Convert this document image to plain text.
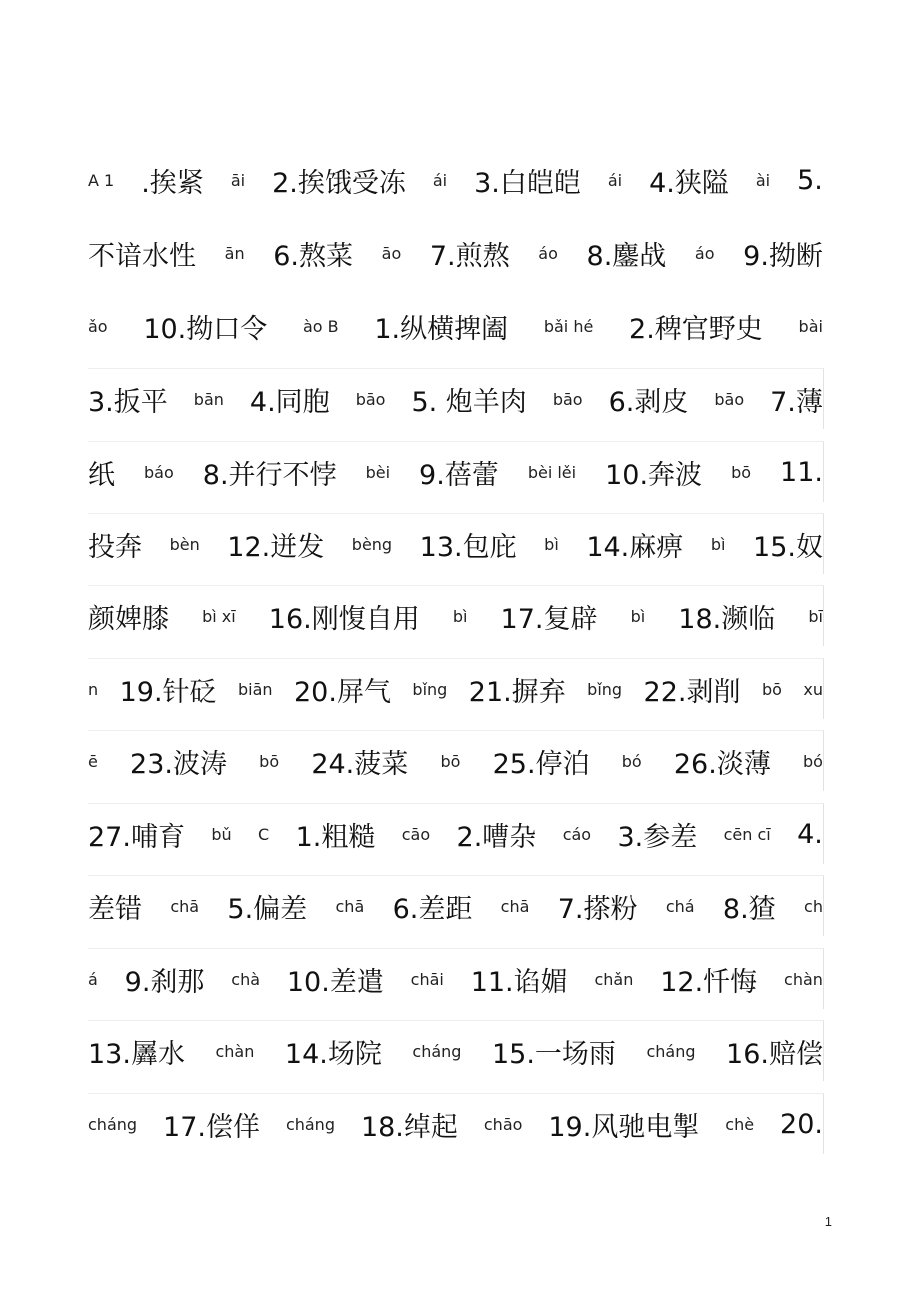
A 1 .挨紧 āi 2.挨饿受冻 ái 3.白皑皑 ái 4.狭隘 ài 5.
不谙水性 ān 6.熬菜 āo 7.煎熬 áo 8.鏖战 áo 9.拗断
ǎo 10.拗口令 ào B 1.纵横捭阖 bǎi hé 2.稗官野史 bài
3.扳平 bān 4.同胞 bāo 5. 炮羊肉 bāo 6.剥皮 bāo 7.薄
纸 báo 8.并行不悖 bèi 9.蓓蕾 bèi lěi 10.奔波 bō 11.
投奔 bèn 12.迸发 bèng 13.包庇 bì 14.麻痹 bì 15.奴
颜婢膝 bì xī 16.刚愎自用 bì 17.复辟 bì 18.濒临 bī
n 19.针砭 biān 20.屏气 bǐng 21.摒弃 bǐng 22.剥削 bō xu
ē 23.波涛 bō 24.菠菜 bō 25.停泊 bó 26.淡薄 bó
27.哺育 bǔ C 1.粗糙 cāo 2.嘈杂 cáo 3.参差 cēn cī 4.
差错 chā 5.偏差 chā 6.差距 chā 7.搽粉 chá 8.猹 ch
á 9.刹那 chà 10.差遣 chāi 11.谄媚 chǎn 12.忏悔 chàn
13.羼水 chàn 14.场院 cháng 15.一场雨 cháng 16.赔偿
cháng 17.偿佯 cháng 18.绰起 chāo 19.风驰电掣 chè 20.
1
